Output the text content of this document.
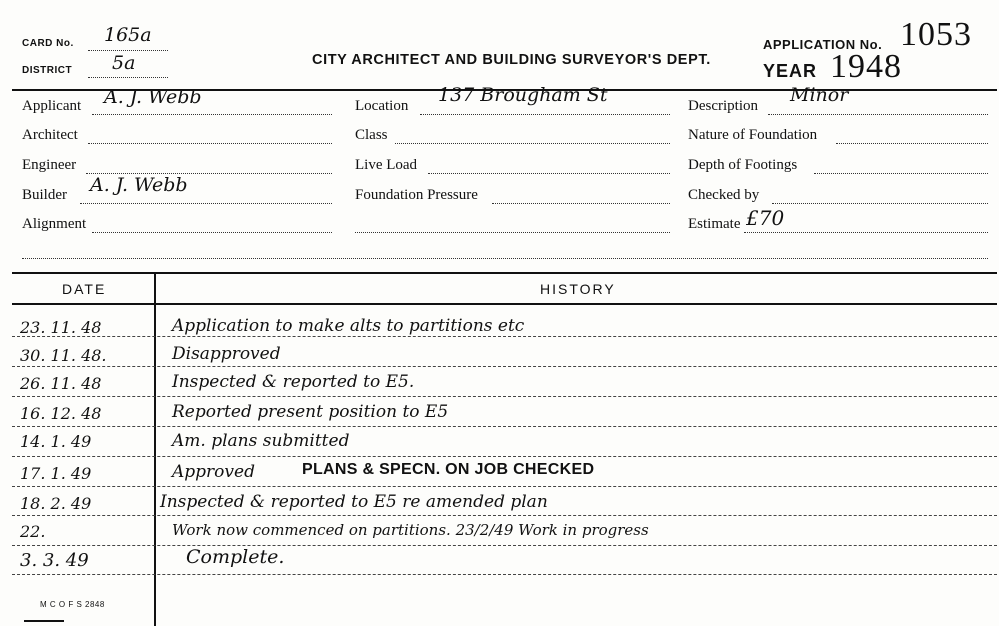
CARD No. 165a
DISTRICT 5a	CITY ARCHITECT AND BUILDING SURVEYOR'S DEPT.
APPLICATION No. 1053
YEAR 1948
Applicant A. J. Webb
Architect
Engineer
Builder A. J. Webb
Alignment
Location 137 Brougham St
Class
Live Load
Foundation Pressure
Description Minor
Nature of Foundation
Depth of Footings
Checked by
Estimate £70
DATE	HISTORY
23. 11. 48	Application to make alts to partitions etc
30. 11. 48.	Disapproved
26. 11. 48	Inspected & reported to E5.
16. 12. 48	Reported present position to E5
14. 1. 49	Am. plans submitted
17. 1. 49	Approved	PLANS & SPECN. ON JOB CHECKED
18. 2. 49	Inspected & reported to E5 re amended plan
22.	Work now commenced on partitions. 23/2/49 Work in progress
3. 3. 49	Complete.
M C O F S 2848
